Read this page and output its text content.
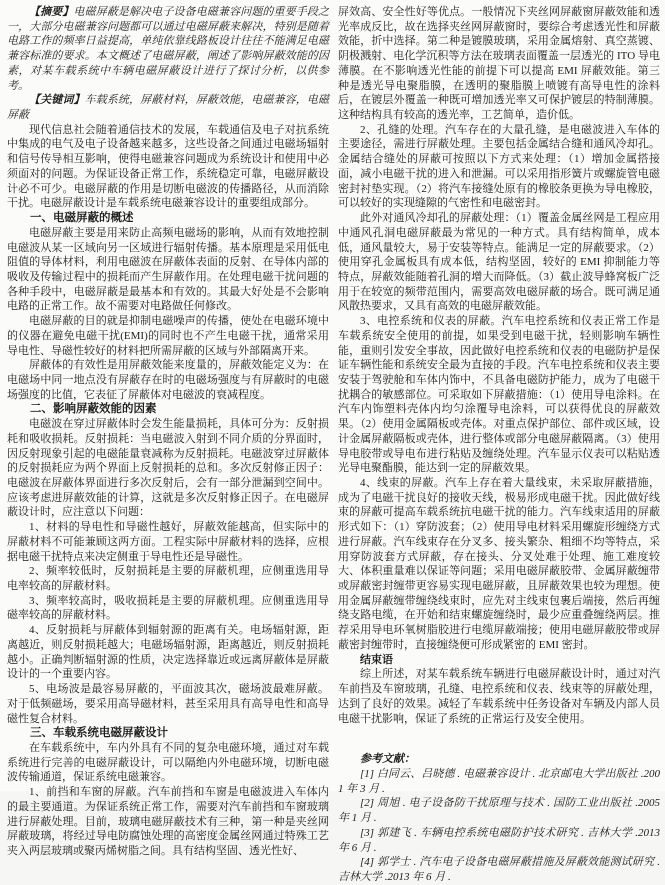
【摘要】电磁屏蔽是解决电子设备电磁兼容问题的重要手段之一，大部分电磁兼容问题都可以通过电磁屏蔽来解决，特别是随着电路工作的频率日益提高，单纯依靠线路板设计往往不能满足电磁兼容标准的要求。本文概述了电磁屏蔽，阐述了影响屏蔽效能的因素，对某车载系统中车辆电磁屏蔽设计进行了探讨分析，以供参考。

【关键词】车载系统，屏蔽材料，屏蔽效能，电磁兼容，电磁屏蔽

现代信息社会随着通信技术的发展，车载通信及电子对抗系统中集成的电气及电子设备越来越多，这些设备之间通过电磁场辐射和信号传导相互影响，使得电磁兼容问题成为系统设计和使用中必须面对的问题。为保证设备正常工作，系统稳定可靠，电磁屏蔽设计必不可少。电磁屏蔽的作用是切断电磁波的传播路径，从而消除干扰。电磁屏蔽设计是车载系统电磁兼容设计的重要组成部分。

一、电磁屏蔽的概述

电磁屏蔽主要是用来防止高频电磁场的影响，从而有效地控制电磁波从某一区域向另一区域进行辐射传播。基本原理是采用低电阻值的导体材料，利用电磁波在屏蔽体表面的反射、在导体内部的吸收及传输过程中的损耗而产生屏蔽作用。在处理电磁干扰问题的各种手段中，电磁屏蔽是最基本和有效的。其最大好处是不会影响电路的正常工作。故不需要对电路做任何修改。

电磁屏蔽的目的就是抑制电磁噪声的传播，使处在电磁环境中的仪器在避免电磁干扰(EMI)的同时也不产生电磁干扰，通常采用导电性、导磁性较好的材料把所需屏蔽的区域与外部隔离开来。

屏蔽体的有效性是用屏蔽效能来度量的，屏蔽效能定义为：在电磁场中同一地点没有屏蔽存在时的电磁场强度与有屏蔽时的电磁场强度的比值，它表征了屏蔽体对电磁波的衰减程度。

二、影响屏蔽效能的因素

电磁波在穿过屏蔽体时会发生能量损耗，具体可分为：反射损耗和吸收损耗。反射损耗：当电磁波入射到不同介质的分界面时，因反射现象引起的电磁能量衰减称为反射损耗。电磁波穿过屏蔽体的反射损耗应为两个界面上反射损耗的总和。多次反射修正因子：电磁波在屏蔽体界面进行多次反射后，会有一部分泄漏到空间中。应该考虑进屏蔽效能的计算，这就是多次反射修正因子。在电磁屏蔽设计时，应注意以下问题：

1、材料的导电性和导磁性越好，屏蔽效能越高，但实际中的屏蔽材料不可能兼顾这两方面。工程实际中屏蔽材料的选择，应根据电磁干扰特点来决定侧重于导电性还是导磁性。

2、频率较低时，反射损耗是主要的屏蔽机理，应侧重选用导电率较高的屏蔽材料。

3、频率较高时，吸收损耗是主要的屏蔽机理。应侧重选用导磁率较高的屏蔽材料。

4、反射损耗与屏蔽体到辐射源的距离有关。电场辐射源，距离越近，则反射损耗越大；电磁场辐射源，距离越近，则反射损耗越小。正确判断辐射源的性质，决定选择靠近或远离屏蔽体是屏蔽设计的一个重要内容。

5、电场波是最容易屏蔽的，平面波其次，磁场波最难屏蔽。对于低频磁场，要采用高导磁材料，甚至采用具有高导电性和高导磁性复合材料。

三、车载系统电磁屏蔽设计

在车载系统中，车内外具有不同的复杂电磁环境，通过对车载系统进行完善的电磁屏蔽设计，可以隔绝内外电磁环境，切断电磁波传输通道，保证系统电磁兼容。

1、前挡和车窗的屏蔽。汽车前挡和车窗是电磁波进入车体内的最主要通道。为保证系统正常工作，需要对汽车前挡和车窗玻璃进行屏蔽处理。目前，玻璃电磁屏蔽技术有三种，第一种是夹丝网屏蔽玻璃，将经过导电防腐蚀处理的高密度金属丝网通过特殊工艺夹入两层玻璃或聚丙烯树脂之间。具有结构坚固、透光性好、

屏效高、安全性好等优点。一般情况下夹丝网屏蔽窗屏蔽效能和透光率成反比，故在选择夹丝网屏蔽窗时，要综合考虑透光性和屏蔽效能，折中选择。第二种是镀膜玻璃，采用金属熔射、真空蒸镀、阴极溅射、电化学沉积等方法在玻璃表面覆盖一层透光的 ITO 导电薄膜。在不影响透光性能的前提下可以提高 EMI 屏蔽效能。第三种是透光导电聚脂膜，在透明的聚脂膜上喷镀有高导电性的涂料后，在镀层外覆盖一种既可增加透光率又可保护镀层的特制薄膜。这种结构具有较高的透光率，工艺简单，造价低。

2、孔缝的处理。汽车存在的大量孔缝，是电磁波进入车体的主要途径，需进行屏蔽处理。主要包括金属结合缝和通风冷却孔。金属结合缝处的屏蔽可按照以下方式来处理：（1）增加金属搭接面，减小电磁干扰的进入和泄漏。可以采用指形簧片或螺旋管电磁密封衬垫实现。（2）将汽车接缝处原有的橡胶条更换为导电橡胶，可以较好的实现缝隙的气密性和电磁密封。

此外对通风冷却孔的屏蔽处理：（1）覆盖金属丝网是工程应用中通风孔洞电磁屏蔽最为常见的一种方式。具有结构简单，成本低，通风量较大，易于安装等特点。能满足一定的屏蔽要求。（2）使用穿孔金属板具有成本低，结构坚固，较好的 EMI 抑制能力等特点，屏蔽效能随着孔洞的增大而降低。（3）截止波导蜂窝板广泛用于在较宽的频带范围内，需要高效电磁屏蔽的场合。既可满足通风散热要求，又具有高效的电磁屏蔽效能。

3、电控系统和仪表的屏蔽。汽车电控系统和仪表正常工作是车载系统安全使用的前提，如果受到电磁干扰，轻则影响车辆性能，重则引发安全事故，因此做好电控系统和仪表的电磁防护是保证车辆性能和系统安全最为直接的手段。汽车电控系统和仪表主要安装于驾驶舱和车体内饰中，不具备电磁防护能力，成为了电磁干扰耦合的敏感部位。可采取如下屏蔽措施：（1）使用导电涂料。在汽车内饰塑料壳体内均匀涂覆导电涂料，可以获得优良的屏蔽效果。（2）使用金属隔板或壳体。对重点保护部位、部件或区域，设计金属屏蔽隔板或壳体，进行整体或部分电磁屏蔽隔离。（3）使用导电胶带或导电布进行粘贴及缠绕处理。汽车显示仪表可以粘贴透光导电聚酯膜，能达到一定的屏蔽效果。

4、线束的屏蔽。汽车上存在着大量线束，未采取屏蔽措施，成为了电磁干扰良好的接收天线，极易形成电磁干扰。因此做好线束的屏蔽可提高车载系统抗电磁干扰的能力。汽车线束适用的屏蔽形式如下：（1）穿防波套；（2）使用导电材料采用螺旋形缠绕方式进行屏蔽。汽车线束存在分叉多、接头繁杂、粗细不均等特点，采用穿防波套方式屏蔽，存在接头、分叉处难于处理、施工难度较大、体积重量难以保证等问题；采用电磁屏蔽胶带、金属屏蔽缠带或屏蔽密封缠带更容易实现电磁屏蔽，且屏蔽效果也较为理想。使用金属屏蔽缠带缠绕线束时，应先对主线束包裹后端接，然后再缠绕支路电缆，在开始和结束螺旋缠绕时，最少应重叠缠绕两层。推荐采用导电环氧树脂胶进行电缆屏蔽端接；使用电磁屏蔽胶带或屏蔽密封缠带时，直接缠绕便可形成紧密的 EMI 密封。

结束语

综上所述，对某车载系统车辆进行电磁屏蔽设计时，通过对汽车前挡及车窗玻璃，孔缝、电控系统和仪表、线束等的屏蔽处理，达到了良好的效果。减轻了车载系统中任务设备对车辆及内部人员电磁干扰影响，保证了系统的正常运行及安全使用。

参考文献：

[1] 白同云、吕晓德 . 电磁兼容设计 . 北京邮电大学出版社 .2001 年 3 月 .

[2] 周旭 . 电子设备防干扰原理与技术 . 国防工业出版社 .2005 年 1 月 .

[3] 郭建飞 . 车辆电控系统电磁防护技术研究 . 吉林大学 .2013 年 6 月 .

[4] 郭学士 . 汽车电子设备电磁屏蔽措施及屏蔽效能测试研究 . 吉林大学 .2013 年 6 月 .
